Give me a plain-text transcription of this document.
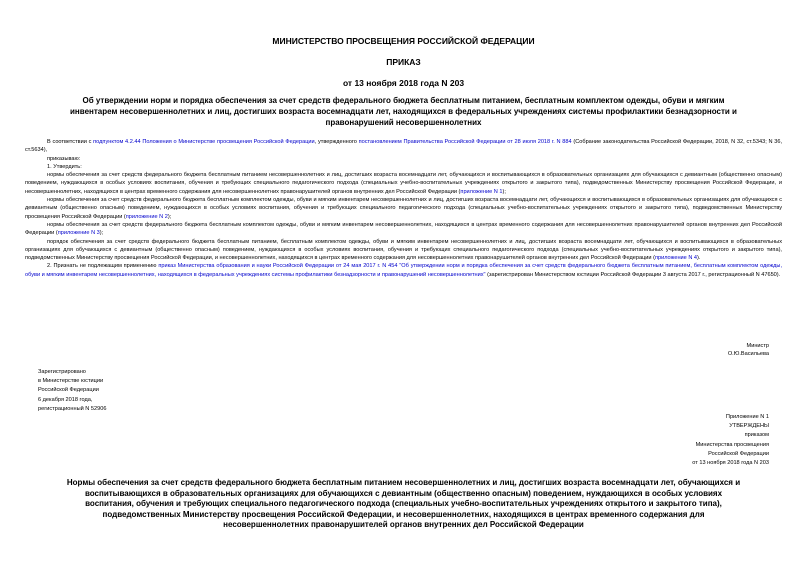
МИНИСТЕРСТВО ПРОСВЕЩЕНИЯ РОССИЙСКОЙ ФЕДЕРАЦИИ
ПРИКАЗ
от 13 ноября 2018 года N 203
Об утверждении норм и порядка обеспечения за счет средств федерального бюджета бесплатным питанием, бесплатным комплектом одежды, обуви и мягким инвентарем несовершеннолетних и лиц, достигших возраста восемнадцати лет, находящихся в федеральных учреждениях системы профилактики безнадзорности и правонарушений несовершеннолетних

В соответствии с подпунктом 4.2.44 Положения о Министерстве просвещения Российской Федерации, утвержденного постановлением Правительства Российской Федерации от 28 июля 2018 г. N 884 (Собрание законодательства Российской Федерации, 2018, N 32, ст.5343; N 36, ст.5634),

приказываю:

1. Утвердить:

нормы обеспечения за счет средств федерального бюджета бесплатным питанием несовершеннолетних и лиц, достигших возраста восемнадцати лет, обучающихся и воспитывающихся в образовательных организациях для обучающихся с девиантным (общественно опасным) поведением, нуждающихся в особых условиях воспитания, обучения и требующих специального педагогического подхода (специальных учебно-воспитательных учреждениях открытого и закрытого типа), подведомственных Министерству просвещения Российской Федерации, и несовершеннолетних, находящихся в центрах временного содержания для несовершеннолетних правонарушителей органов внутренних дел Российской Федерации (приложение N 1);

нормы обеспечения за счет средств федерального бюджета бесплатным комплектом одежды, обуви и мягким инвентарем несовершеннолетних и лиц, достигших возраста восемнадцати лет, обучающихся и воспитывающихся в образовательных организациях для обучающихся с девиантным (общественно опасным) поведением, нуждающихся в особых условиях воспитания, обучения и требующих специального педагогического подхода (специальных учебно-воспитательных учреждениях открытого и закрытого типа), подведомственных Министерству просвещения Российской Федерации (приложение N 2);

нормы обеспечения за счет средств федерального бюджета бесплатным комплектом одежды, обуви и мягким инвентарем несовершеннолетних, находящихся в центрах временного содержания для несовершеннолетних правонарушителей органов внутренних дел Российской Федерации (приложение N 3);

порядок обеспечения за счет средств федерального бюджета бесплатным питанием, бесплатным комплектом одежды, обуви и мягким инвентарем несовершеннолетних и лиц, достигших возраста восемнадцати лет, обучающихся и воспитывающихся в образовательных организациях для обучающихся с девиантным (общественно опасным) поведением, нуждающихся в особых условиях воспитания, обучения и требующих специального педагогического подхода (специальных учебно-воспитательных учреждениях открытого и закрытого типа), подведомственных Министерству просвещения Российской Федерации, и несовершеннолетних, находящихся в центрах временного содержания для несовершеннолетних правонарушителей органов внутренних дел Российской Федерации (приложение N 4).

2. Признать не подлежащим применению приказ Министерства образования и науки Российской Федерации от 24 мая 2017 г. N 454 "Об утверждении норм и порядка обеспечения за счет средств федерального бюджета бесплатным питанием, бесплатным комплектом одежды, обуви и мягким инвентарем несовершеннолетних, находящихся в федеральных учреждениях системы профилактики безнадзорности и правонарушений несовершеннолетних" (зарегистрирован Министерством юстиции Российской Федерации 3 августа 2017 г., регистрационный N 47650).

Министр
О.Ю.Васильева
Зарегистрировано
в Министерстве юстиции
Российской Федерации
6 декабря 2018 года,
регистрационный N 52906
Приложение N 1
УТВЕРЖДЕНЫ
приказом
Министерства просвещения
Российской Федерации
от 13 ноября 2018 года N 203
Нормы обеспечения за счет средств федерального бюджета бесплатным питанием несовершеннолетних и лиц, достигших возраста восемнадцати лет, обучающихся и воспитывающихся в образовательных организациях для обучающихся с девиантным (общественно опасным) поведением, нуждающихся в особых условиях воспитания, обучения и требующих специального педагогического подхода (специальных учебно-воспитательных учреждениях открытого и закрытого типа), подведомственных Министерству просвещения Российской Федерации, и несовершеннолетних, находящихся в центрах временного содержания для несовершеннолетних правонарушителей органов внутренних дел Российской Федерации
